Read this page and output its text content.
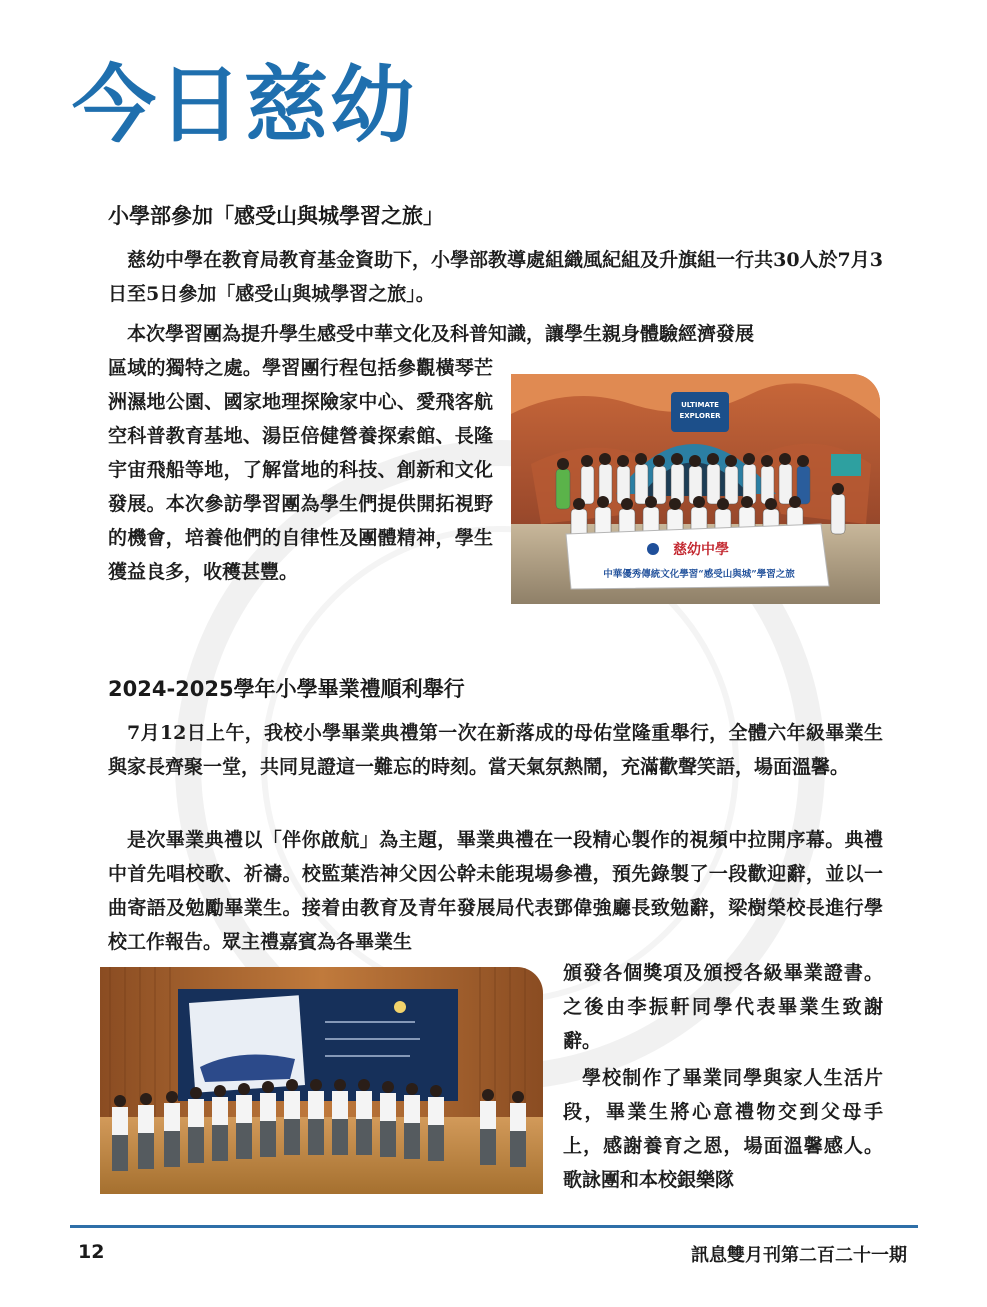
今日慈幼
小學部參加「感受山與城學習之旅」

慈幼中學在教育局教育基金資助下，小學部教導處組織風紀組及升旗組一行共30人於7月3日至5日參加「感受山與城學習之旅」。

本次學習團為提升學生感受中華文化及科普知識，讓學生親身體驗經濟發展

區域的獨特之處。學習團行程包括參觀橫琴芒洲濕地公園、國家地理探險家中心、愛飛客航空科普教育基地、湯臣倍健營養探索館、長隆宇宙飛船等地，了解當地的科技、創新和文化發展。本次參訪學習團為學生們提供開拓視野的機會，培養他們的自律性及團體精神，學生獲益良多，收穫甚豐。

ULTIMATE
EXPLORER
慈幼中學
中華優秀傳統文化學習“感受山與城”學習之旅
2024-2025學年小學畢業禮順利舉行

7月12日上午，我校小學畢業典禮第一次在新落成的母佑堂隆重舉行，全體六年級畢業生與家長齊聚一堂，共同見證這一難忘的時刻。當天氣氛熱鬧，充滿歡聲笑語，場面溫馨。

是次畢業典禮以「伴你啟航」為主題，畢業典禮在一段精心製作的視頻中拉開序幕。典禮中首先唱校歌、祈禱。校監葉浩神父因公幹未能現場參禮，預先錄製了一段歡迎辭，並以一曲寄語及勉勵畢業生。接着由教育及青年發展局代表鄧偉強廳長致勉辭，梁樹榮校長進行學校工作報告。眾主禮嘉賓為各畢業生

頒發各個獎項及頒授各級畢業證書。之後由李振軒同學代表畢業生致謝辭。

學校制作了畢業同學與家人生活片段，畢業生將心意禮物交到父母手上，感謝養育之恩，場面溫馨感人。歌詠團和本校銀樂隊

12	訊息雙月刊第二百二十一期
